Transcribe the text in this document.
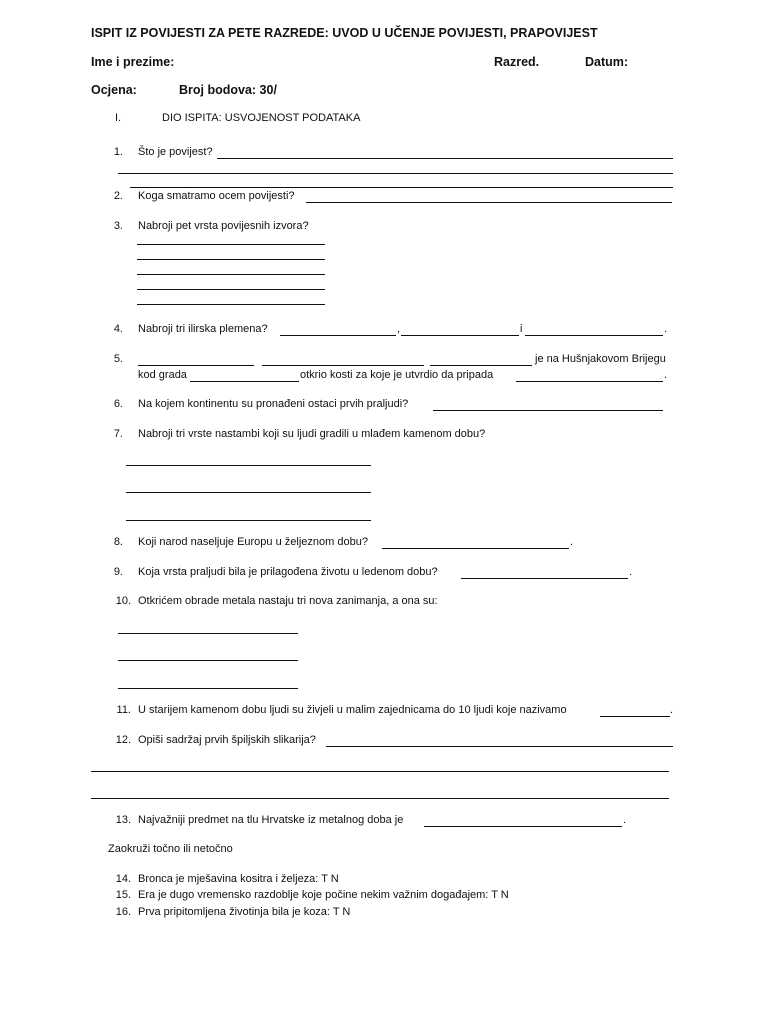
ISPIT IZ POVIJESTI ZA PETE RAZREDE: UVOD U UČENJE POVIJESTI, PRAPOVIJEST
Ime i prezime:	Razred.	Datum:
Ocjena:	Broj bodova: 30/
I.	DIO ISPITA: USVOJENOST PODATAKA
1. Što je povijest?
2. Koga smatramo ocem povijesti?
3. Nabroji pet vrsta povijesnih izvora?
4. Nabroji tri ilirska plemena?	,	i	.
5.	je na Hušnjakovom Brijegu
kod grada	otkrio kosti za koje je utvrdio da pripada	.
6. Na kojem kontinentu su pronađeni ostaci prvih praljudi?
7. Nabroji tri vrste nastambi koji su ljudi gradili u mlađem kamenom dobu?
8. Koji narod naseljuje Europu u željeznom dobu?	.
9. Koja vrsta praljudi bila je prilagođena životu u ledenom dobu?	.
10. Otkrićem obrade metala nastaju tri nova zanimanja, a ona su:
11. U starijem kamenom dobu ljudi su živjeli u malim zajednicama do 10 ljudi koje nazivamo	.
12. Opiši sadržaj prvih špiljskih slikarija?
13. Najvažniji predmet na tlu Hrvatske iz metalnog doba je	.
Zaokruži točno ili netočno
14. Bronca je mješavina kositra i željeza: T N
15. Era je dugo vremensko razdoblje koje počine nekim važnim događajem: T N
16. Prva pripitomljena životinja bila je koza: T N
